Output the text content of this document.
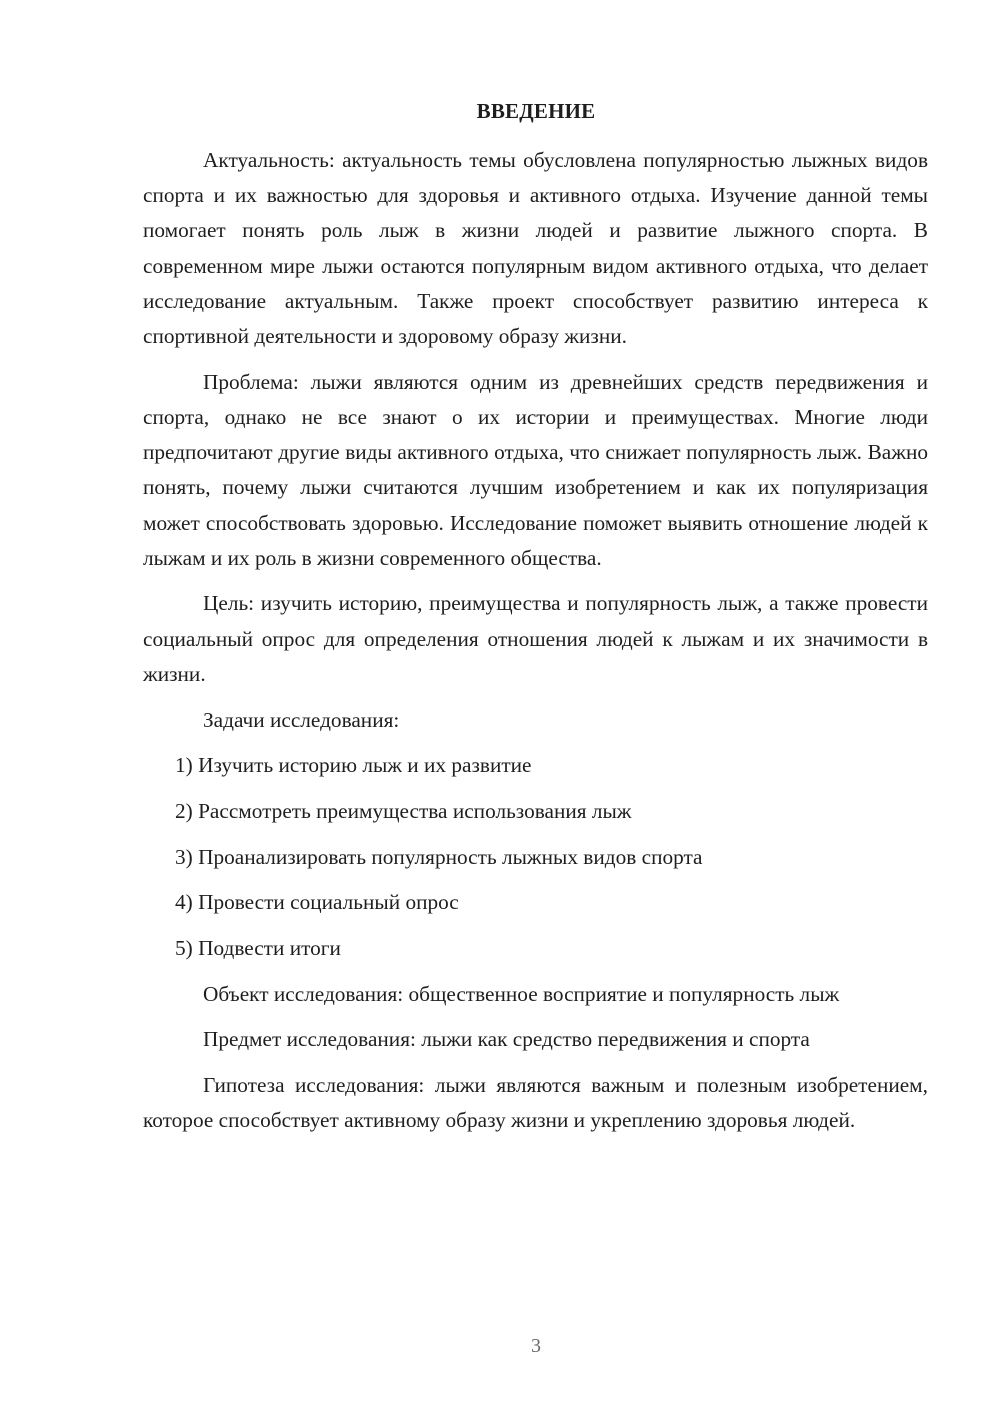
ВВЕДЕНИЕ

Актуальность: актуальность темы обусловлена популярностью лыжных видов спорта и их важностью для здоровья и активного отдыха. Изучение данной темы помогает понять роль лыж в жизни людей и развитие лыжного спорта. В современном мире лыжи остаются популярным видом активного отдыха, что делает исследование актуальным. Также проект способствует развитию интереса к спортивной деятельности и здоровому образу жизни.

Проблема: лыжи являются одним из древнейших средств передвижения и спорта, однако не все знают о их истории и преимуществах. Многие люди предпочитают другие виды активного отдыха, что снижает популярность лыж. Важно понять, почему лыжи считаются лучшим изобретением и как их популяризация может способствовать здоровью. Исследование поможет выявить отношение людей к лыжам и их роль в жизни современного общества.

Цель: изучить историю, преимущества и популярность лыж, а также провести социальный опрос для определения отношения людей к лыжам и их значимости в жизни.

Задачи исследования:

1) Изучить историю лыж и их развитие

2) Рассмотреть преимущества использования лыж

3) Проанализировать популярность лыжных видов спорта

4) Провести социальный опрос

5) Подвести итоги

Объект исследования: общественное восприятие и популярность лыж

Предмет исследования: лыжи как средство передвижения и спорта

Гипотеза исследования: лыжи являются важным и полезным изобретением, которое способствует активному образу жизни и укреплению здоровья людей.

3
